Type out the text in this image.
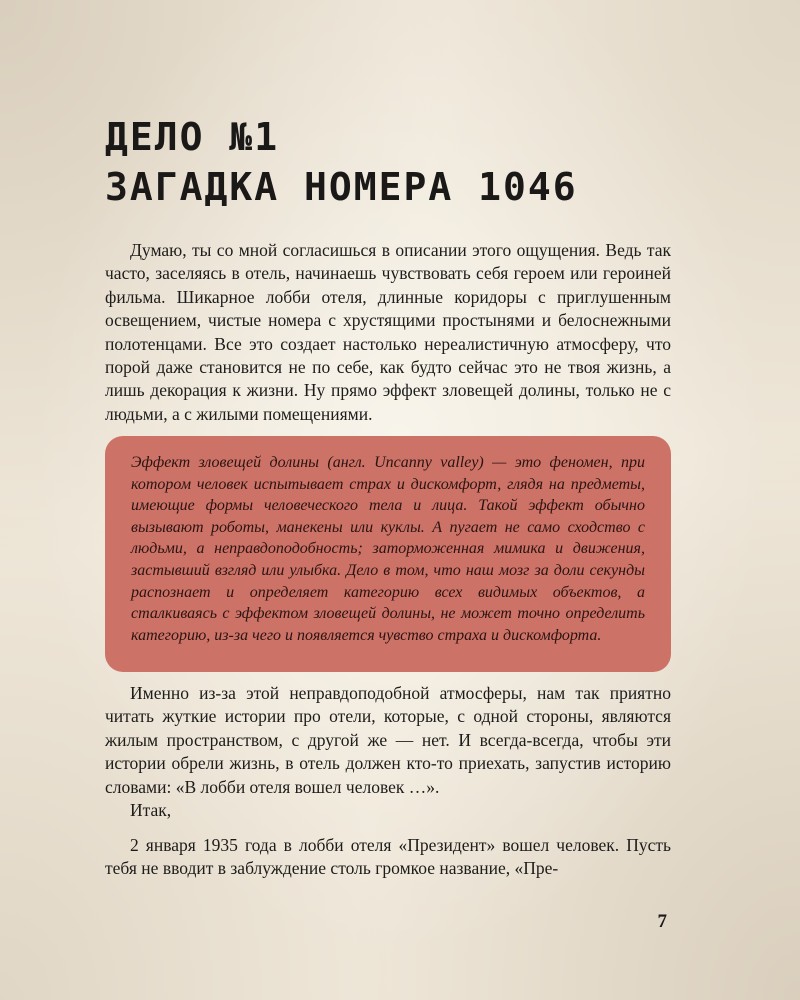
ДЕЛО №1
ЗАГАДКА НОМЕРА 1046

Думаю, ты со мной согласишься в описании этого ощущения. Ведь так часто, заселяясь в отель, начинаешь чувствовать себя героем или героиней фильма. Шикарное лобби отеля, длинные коридоры с приглушенным освещением, чистые номера с хрустящими простынями и белоснежными полотенцами. Все это создает настолько нереалистичную атмосферу, что порой даже становится не по себе, как будто сейчас это не твоя жизнь, а лишь декорация к жизни. Ну прямо эффект зловещей долины, только не с людьми, а с жилыми помещениями.

Эффект зловещей долины (англ. Uncanny valley) — это феномен, при котором человек испытывает страх и дискомфорт, глядя на предметы, имеющие формы человеческого тела и лица. Такой эффект обычно вызывают роботы, манекены или куклы. А пугает не само сходство с людьми, а неправдоподобность; заторможенная мимика и движения, застывший взгляд или улыбка. Дело в том, что наш мозг за доли секунды распознает и определяет категорию всех видимых объектов, а сталкиваясь с эффектом зловещей долины, не может точно определить категорию, из-за чего и появляется чувство страха и дискомфорта.

Именно из-за этой неправдоподобной атмосферы, нам так приятно читать жуткие истории про отели, которые, с одной стороны, являются жилым пространством, с другой же — нет. И всегда-всегда, чтобы эти истории обрели жизнь, в отель должен кто-то приехать, запустив историю словами: «В лобби отеля вошел человек …».

Итак,

2 января 1935 года в лобби отеля «Президент» вошел человек. Пусть тебя не вводит в заблуждение столь громкое название, «Пре-

7
